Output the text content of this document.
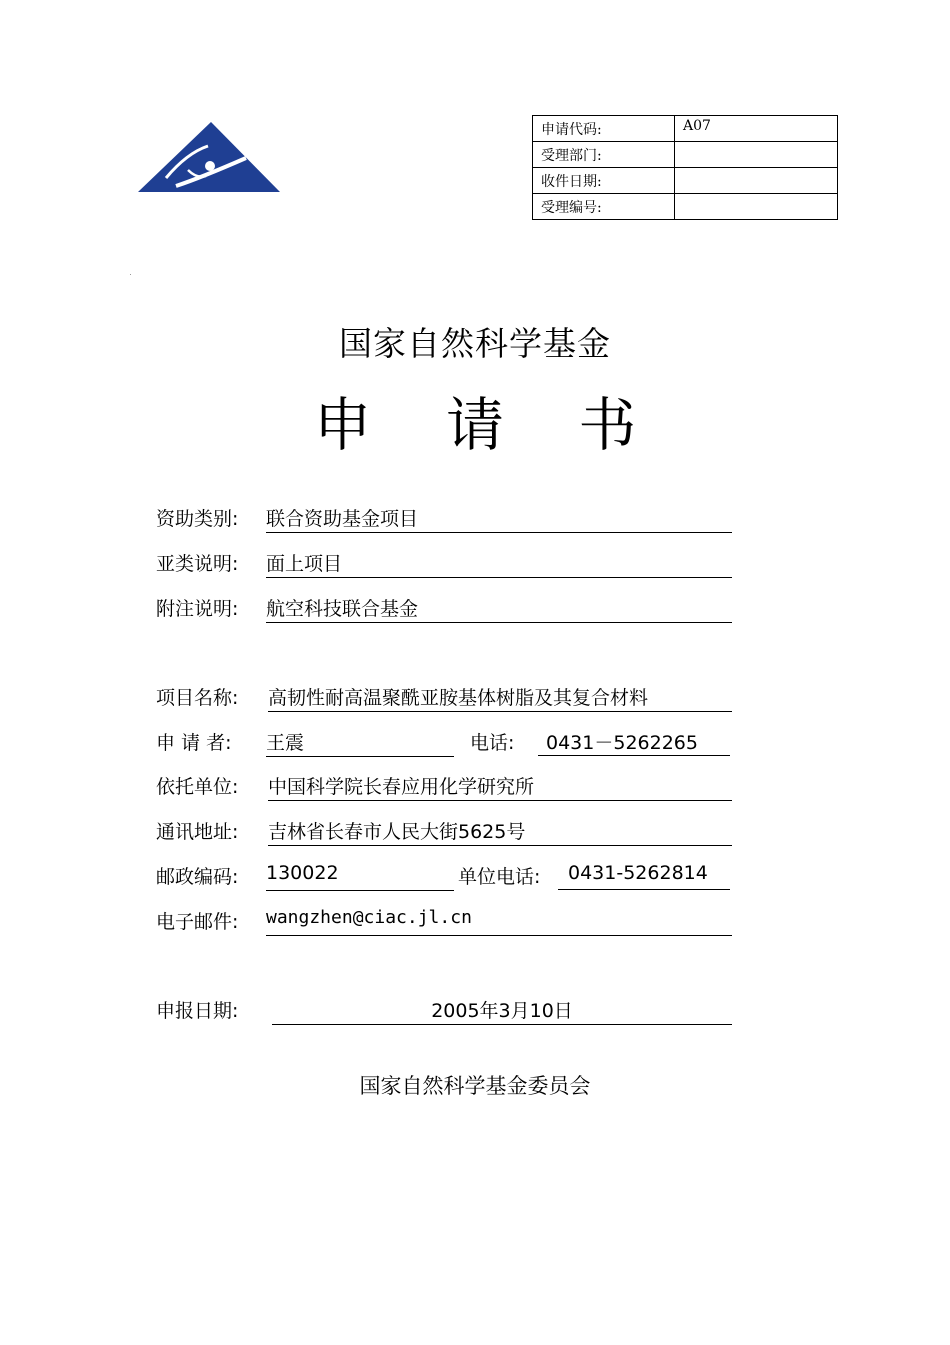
申请代码:	A07
受理部门:	
收件日期:	
受理编号:	
国家自然科学基金
申 请 书
资助类别: 联合资助基金项目
亚类说明: 面上项目
附注说明: 航空科技联合基金
项目名称: 高韧性耐高温聚酰亚胺基体树脂及其复合材料
申 请 者: 王震	电话:	0431－5262265
依托单位: 中国科学院长春应用化学研究所
通讯地址: 吉林省长春市人民大街5625号
邮政编码: 130022	单位电话:	0431-5262814
电子邮件: wangzhen@ciac.jl.cn
申报日期:	2005年3月10日
国家自然科学基金委员会
